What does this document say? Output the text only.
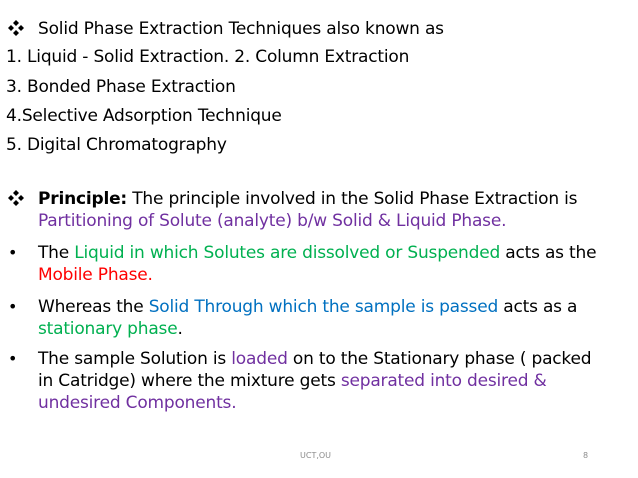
Solid Phase Extraction Techniques also known as
1. Liquid - Solid Extraction. 2. Column Extraction
3. Bonded Phase Extraction
4.Selective Adsorption Technique
5. Digital Chromatography
Principle: The principle involved in the Solid Phase Extraction is Partitioning of Solute (analyte) b/w Solid & Liquid Phase.
•	The Liquid in which Solutes are dissolved or Suspended acts as the Mobile Phase.
•	Whereas the Solid Through which the sample is passed acts as a stationary phase.
•	The sample Solution is loaded on to the Stationary phase ( packed in Catridge) where the mixture gets separated into desired & undesired Components.
UCT,OU	8
